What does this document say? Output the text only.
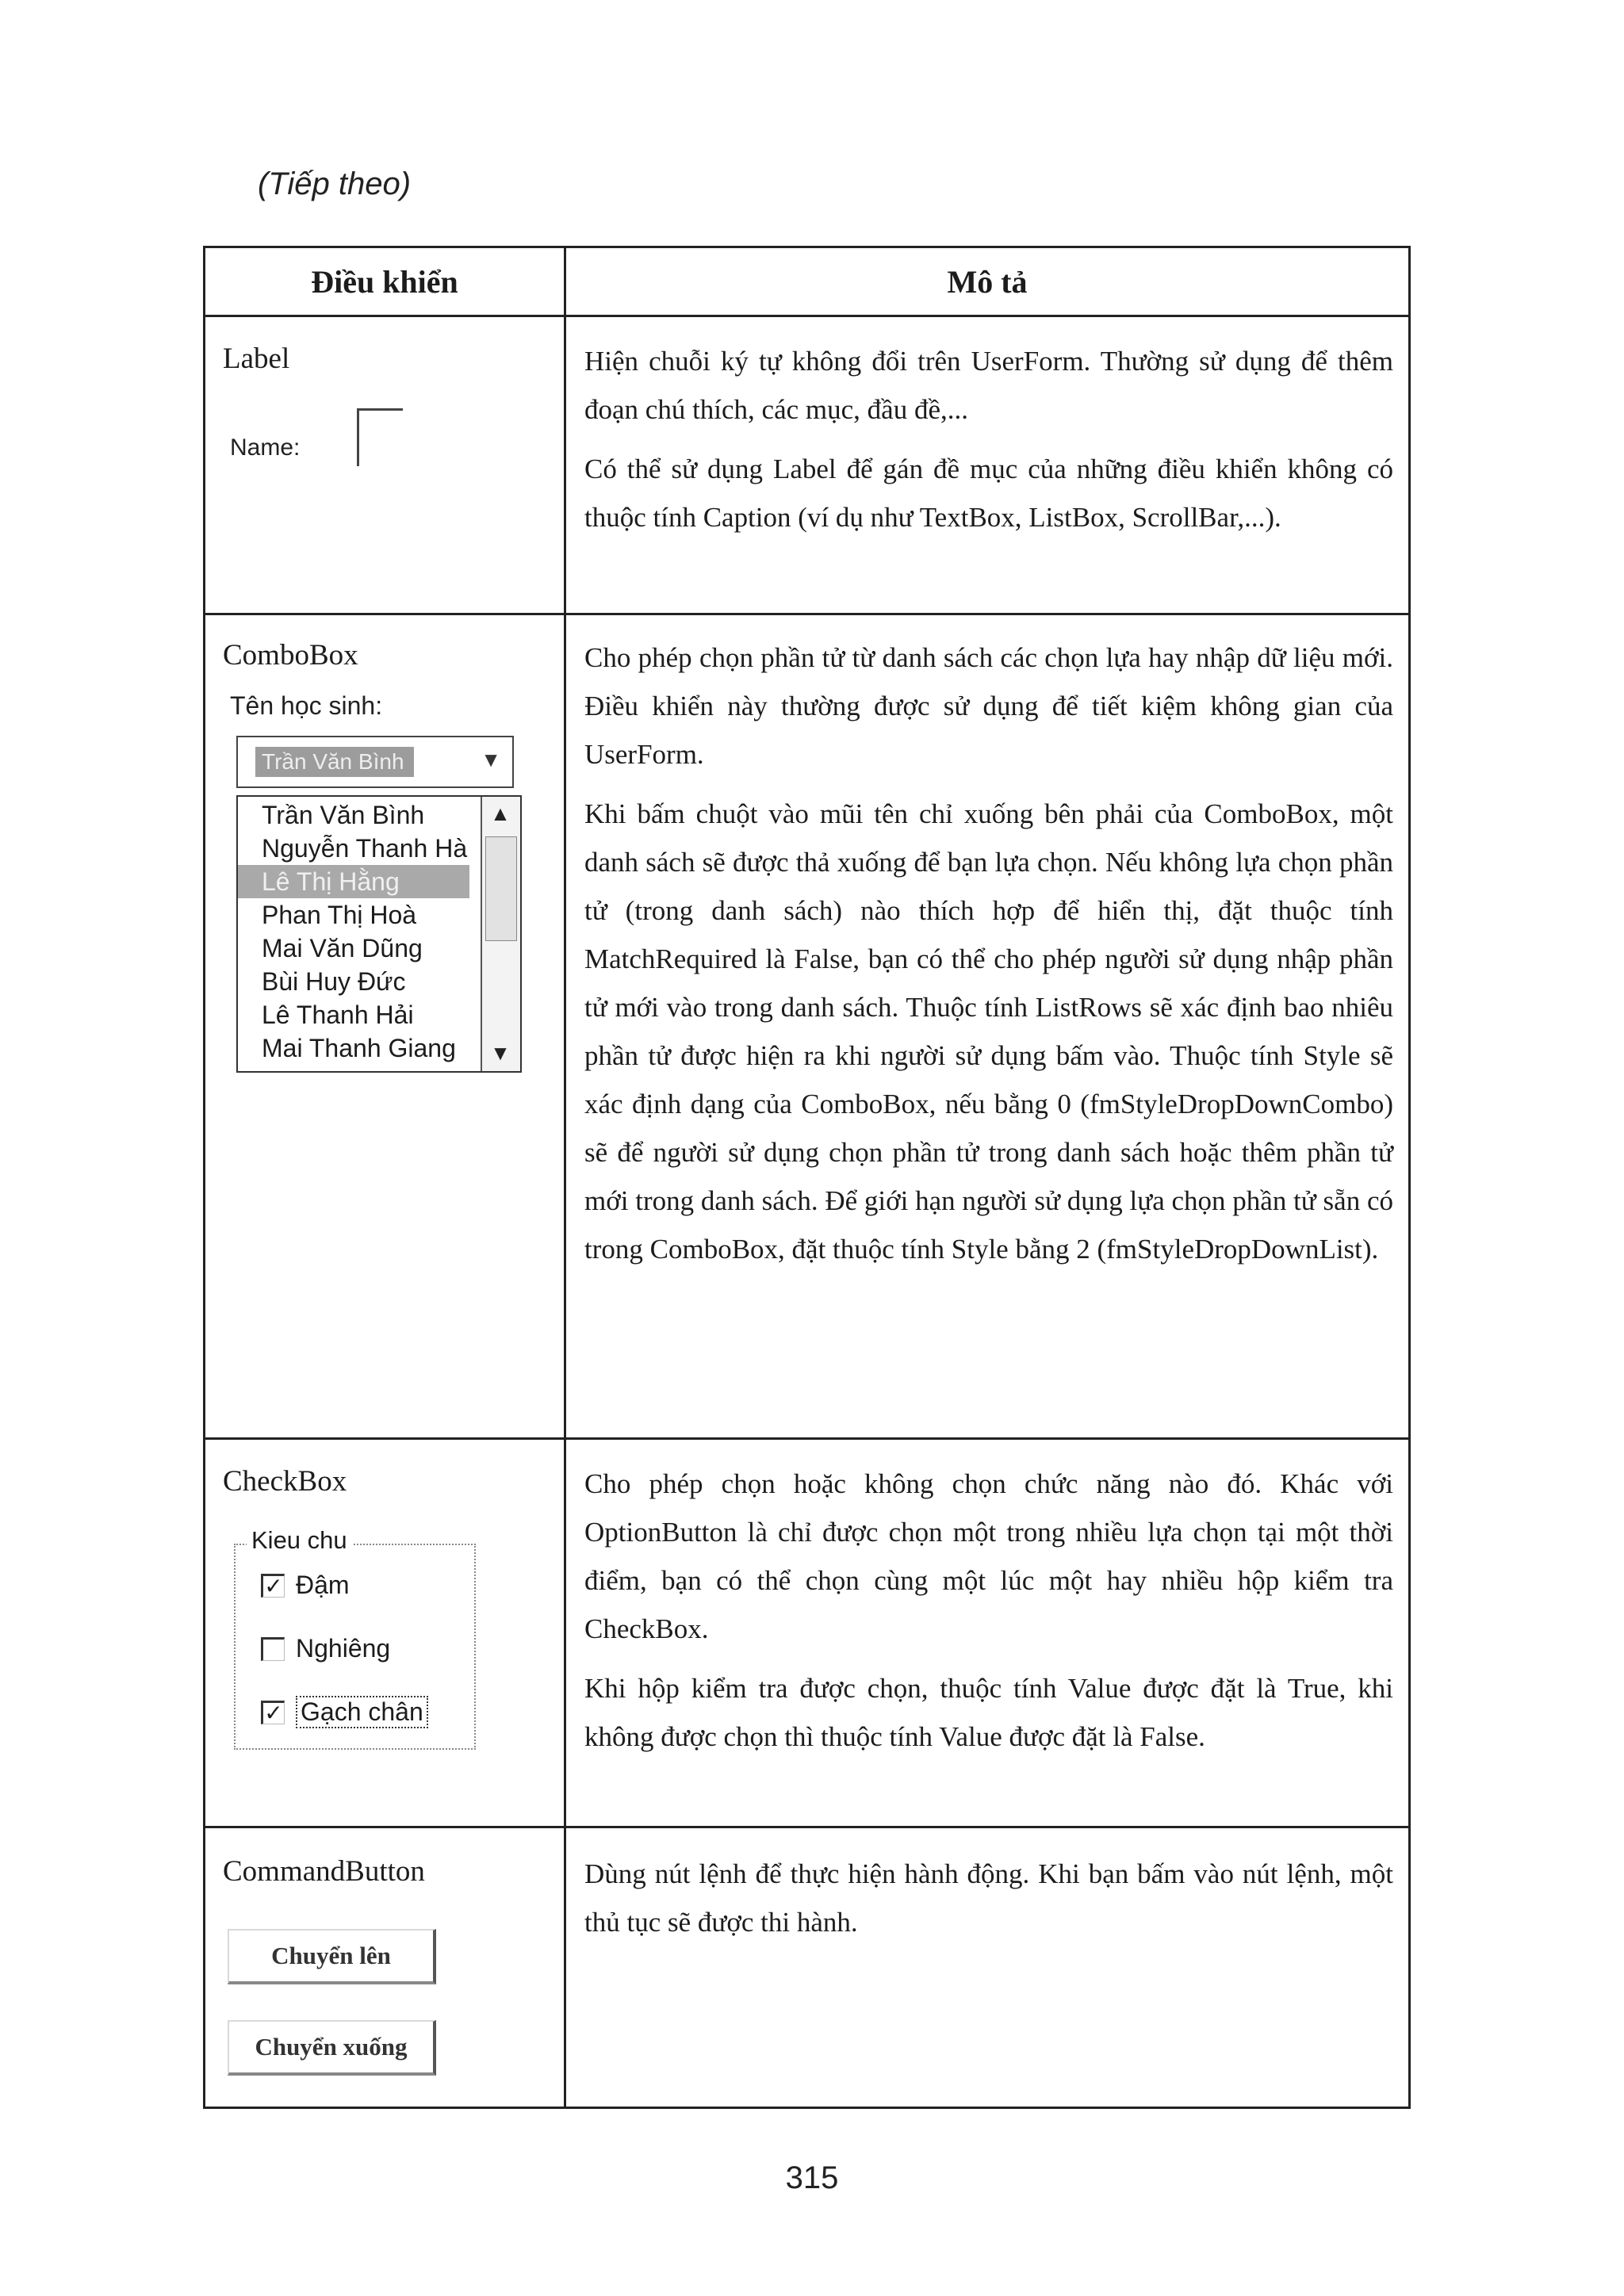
(Tiếp theo)
Điều khiển	Mô tả
Label	Hiện chuỗi ký tự không đổi trên UserForm. Thường sử dụng để thêm đoạn chú thích, các mục, đầu đề,...

Có thể sử dụng Label để gán đề mục của những điều khiển không có thuộc tính Caption (ví dụ như TextBox, ListBox, ScrollBar,...).

ComboBox	Cho phép chọn phần tử từ danh sách các chọn lựa hay nhập dữ liệu mới. Điều khiển này thường được sử dụng để tiết kiệm không gian của UserForm.

Khi bấm chuột vào mũi tên chỉ xuống bên phải của ComboBox, một danh sách sẽ được thả xuống để bạn lựa chọn. Nếu không lựa chọn phần tử (trong danh sách) nào thích hợp để hiển thị, đặt thuộc tính MatchRequired là False, bạn có thể cho phép người sử dụng nhập phần tử mới vào trong danh sách. Thuộc tính ListRows sẽ xác định bao nhiêu phần tử được hiện ra khi người sử dụng bấm vào. Thuộc tính Style sẽ xác định dạng của ComboBox, nếu bằng 0 (fmStyleDropDownCombo) sẽ để người sử dụng chọn phần tử trong danh sách hoặc thêm phần tử mới trong danh sách. Để giới hạn người sử dụng lựa chọn phần tử sẵn có trong ComboBox, đặt thuộc tính Style bằng 2 (fmStyleDropDownList).

CheckBox	Cho phép chọn hoặc không chọn chức năng nào đó. Khác với OptionButton là chỉ được chọn một trong nhiều lựa chọn tại một thời điểm, bạn có thể chọn cùng một lúc một hay nhiều hộp kiểm tra CheckBox.

Khi hộp kiểm tra được chọn, thuộc tính Value được đặt là True, khi không được chọn thì thuộc tính Value được đặt là False.

CommandButton	Dùng nút lệnh để thực hiện hành động. Khi bạn bấm vào nút lệnh, một thủ tục sẽ được thi hành.

Name:
Tên học sinh:
Trần Văn Bình	▼
Trần Văn Bình
Nguyễn Thanh Hà
Lê Thị Hằng
Phan Thị Hoà
Mai Văn Dũng
Bùi Huy Đức
Lê Thanh Hải
Mai Thanh Giang
▲
▼
Kieu chu
✓ Đậm
Nghiêng
✓ Gạch chân
Chuyển lên
Chuyển xuống
315
